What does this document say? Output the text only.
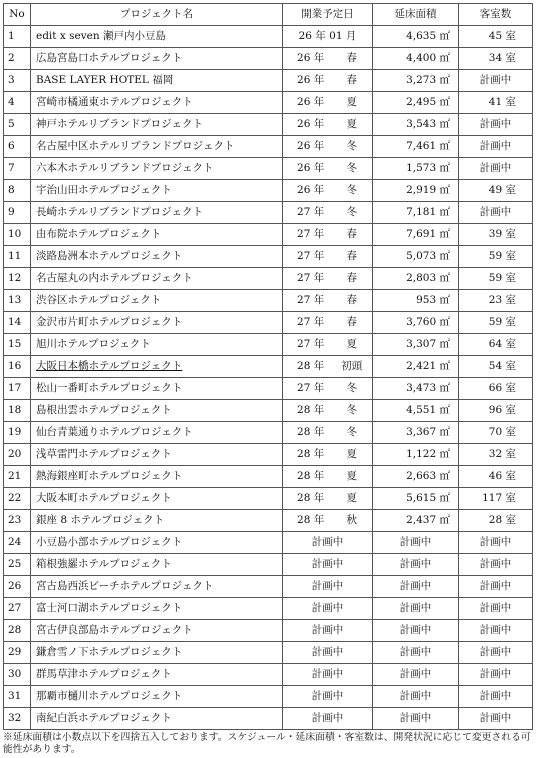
No	プロジェクト名	開業予定日	延床面積	客室数
1	edit x seven 瀬戸内小豆島	26 年 01 月	4,635 ㎡	45 室
2	広島宮島口ホテルプロジェクト	26 年 春	4,400 ㎡	34 室
3	BASE LAYER HOTEL 福岡	26 年 春	3,273 ㎡	計画中
4	宮崎市橘通東ホテルプロジェクト	26 年 夏	2,495 ㎡	41 室
5	神戸ホテルリブランドプロジェクト	26 年 夏	3,543 ㎡	計画中
6	名古屋中区ホテルリブランドプロジェクト	26 年 冬	7,461 ㎡	計画中
7	六本木ホテルリブランドプロジェクト	26 年 冬	1,573 ㎡	計画中
8	宇治山田ホテルプロジェクト	26 年 冬	2,919 ㎡	49 室
9	長崎ホテルリブランドプロジェクト	27 年 冬	7,181 ㎡	計画中
10	由布院ホテルプロジェクト	27 年 春	7,691 ㎡	39 室
11	淡路島洲本ホテルプロジェクト	27 年 春	5,073 ㎡	59 室
12	名古屋丸の内ホテルプロジェクト	27 年 春	2,803 ㎡	59 室
13	渋谷区ホテルプロジェクト	27 年 春	953 ㎡	23 室
14	金沢市片町ホテルプロジェクト	27 年 春	3,760 ㎡	59 室
15	旭川ホテルプロジェクト	27 年 夏	3,307 ㎡	64 室
16	大阪日本橋ホテルプロジェクト	28 年 初頭	2,421 ㎡	54 室
17	松山一番町ホテルプロジェクト	27 年 冬	3,473 ㎡	66 室
18	島根出雲ホテルプロジェクト	28 年 冬	4,551 ㎡	96 室
19	仙台青葉通りホテルプロジェクト	28 年 冬	3,367 ㎡	70 室
20	浅草雷門ホテルプロジェクト	28 年 夏	1,122 ㎡	32 室
21	熱海銀座町ホテルプロジェクト	28 年 夏	2,663 ㎡	46 室
22	大阪本町ホテルプロジェクト	28 年 夏	5,615 ㎡	117 室
23	銀座 8 ホテルプロジェクト	28 年 秋	2,437 ㎡	28 室
24	小豆島小部ホテルプロジェクト	計画中	計画中	計画中
25	箱根強羅ホテルプロジェクト	計画中	計画中	計画中
26	宮古島西浜ビーチホテルプロジェクト	計画中	計画中	計画中
27	富士河口湖ホテルプロジェクト	計画中	計画中	計画中
28	宮古伊良部島ホテルプロジェクト	計画中	計画中	計画中
29	鎌倉雪ノ下ホテルプロジェクト	計画中	計画中	計画中
30	群馬草津ホテルプロジェクト	計画中	計画中	計画中
31	那覇市樋川ホテルプロジェクト	計画中	計画中	計画中
32	南紀白浜ホテルプロジェクト	計画中	計画中	計画中
※延床面積は小数点以下を四捨五入しております。スケジュール・延床面積・客室数は、開発状況に応じて変更される可能性があります。
